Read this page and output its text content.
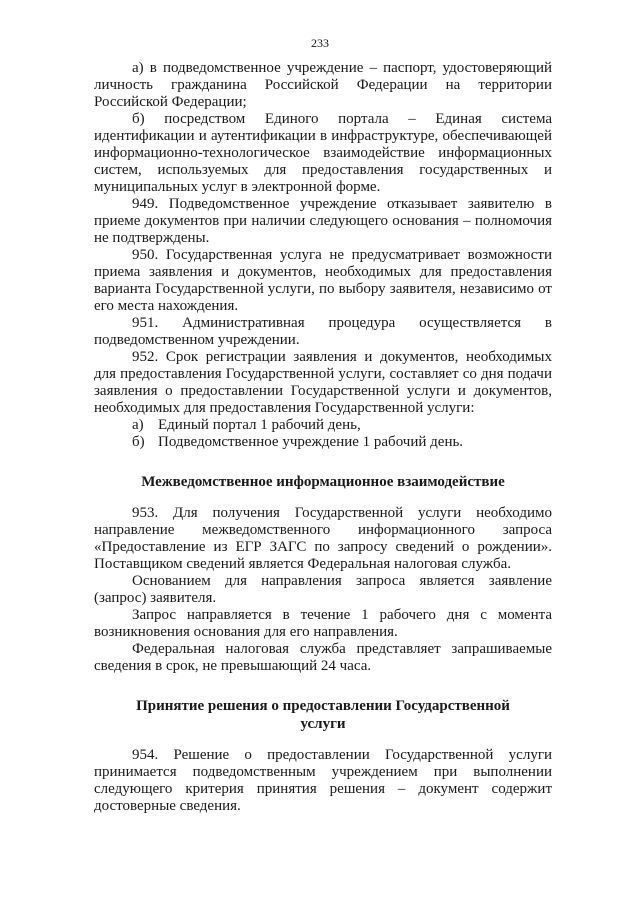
233

а) в подведомственное учреждение – паспорт, удостоверяющий личность гражданина Российской Федерации на территории Российской Федерации;

б) посредством Единого портала – Единая система идентификации и аутентификации в инфраструктуре, обеспечивающей информационно-технологическое взаимодействие информационных систем, используемых для предоставления государственных и муниципальных услуг в электронной форме.

949. Подведомственное учреждение отказывает заявителю в приеме документов при наличии следующего основания – полномочия не подтверждены.

950. Государственная услуга не предусматривает возможности приема заявления и документов, необходимых для предоставления варианта Государственной услуги, по выбору заявителя, независимо от его места нахождения.

951. Административная процедура осуществляется в подведомственном учреждении.

952. Срок регистрации заявления и документов, необходимых для предоставления Государственной услуги, составляет со дня подачи заявления о предоставлении Государственной услуги и документов, необходимых для предоставления Государственной услуги:

а) Единый портал 1 рабочий день,

б) Подведомственное учреждение 1 рабочий день.

Межведомственное информационное взаимодействие

953. Для получения Государственной услуги необходимо направление межведомственного информационного запроса «Предоставление из ЕГР ЗАГС по запросу сведений о рождении». Поставщиком сведений является Федеральная налоговая служба.

Основанием для направления запроса является заявление (запрос) заявителя.

Запрос направляется в течение 1 рабочего дня с момента возникновения основания для его направления.

Федеральная налоговая служба представляет запрашиваемые сведения в срок, не превышающий 24 часа.

Принятие решения о предоставлении Государственной услуги

954. Решение о предоставлении Государственной услуги принимается подведомственным учреждением при выполнении следующего критерия принятия решения – документ содержит достоверные сведения.
